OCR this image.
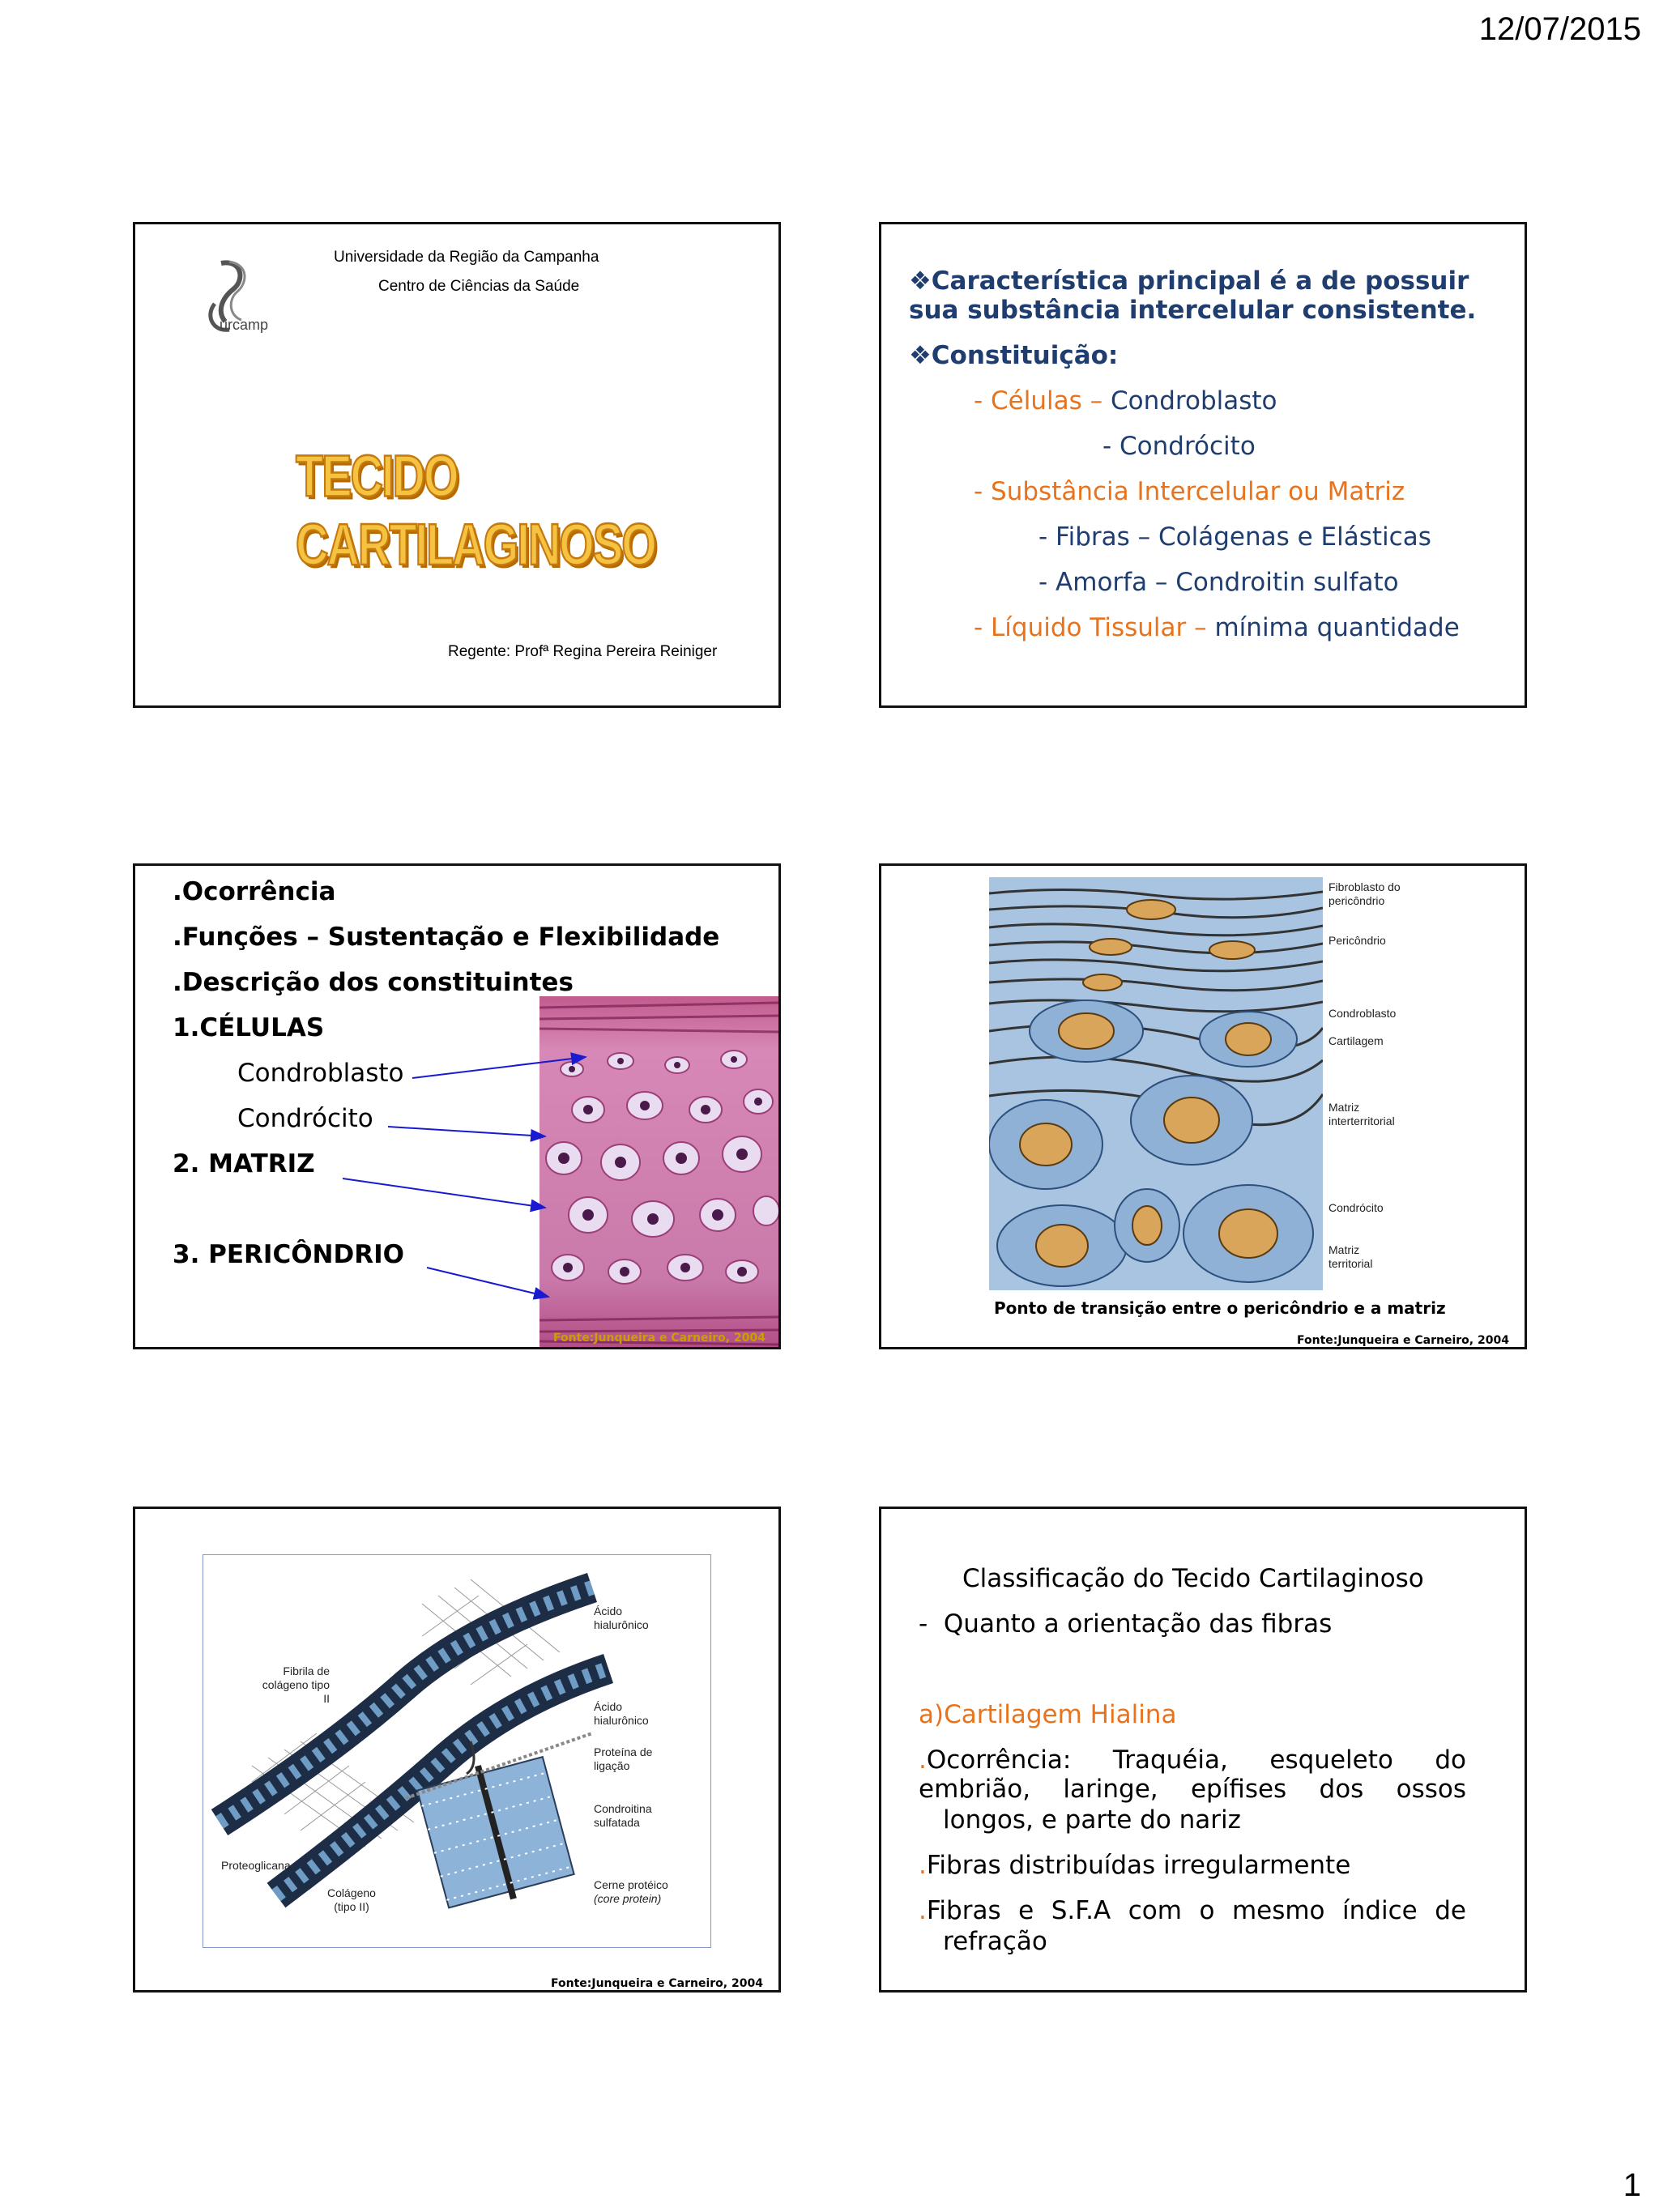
12/07/2015
urcamp
Universidade da Região da Campanha
Centro de Ciências da Saúde
TECIDO CARTILAGINOSO
Regente: Profª Regina Pereira Reiniger
❖Característica principal é a de possuir
sua substância intercelular consistente.
❖Constituição:
- Células – Condroblasto
- Condrócito
- Substância Intercelular ou Matriz
- Fibras – Colágenas e Elásticas
- Amorfa – Condroitin sulfato
- Líquido Tissular – mínima quantidade
.Ocorrência
.Funções – Sustentação e Flexibilidade
.Descrição dos constituintes
1.CÉLULAS
Condroblasto
Condrócito
2. MATRIZ
3. PERICÔNDRIO
Fonte:Junqueira e Carneiro, 2004
Fibroblasto do pericôndrio
Pericôndrio
Condroblasto
Cartilagem
Matriz interterritorial
Condrócito
Matriz territorial
Ponto de transição entre o pericôndrio e a matriz
Fonte:Junqueira e Carneiro, 2004
Ácido hialurônico
Fibrila de colágeno tipo II
Ácido hialurônico
Proteína de ligação
Condroitina sulfatada
Proteoglicana
Cerne protéico
(core protein)
Colágeno (tipo II)
Fonte:Junqueira e Carneiro, 2004
Classificação do Tecido Cartilaginoso
- Quanto a orientação das fibras
a)Cartilagem Hialina
.Ocorrência: Traquéia, esqueleto do embrião, laringe, epífises dos ossos
longos, e parte do nariz
.Fibras distribuídas irregularmente
.Fibras e S.F.A com o mesmo índice de
refração
1
